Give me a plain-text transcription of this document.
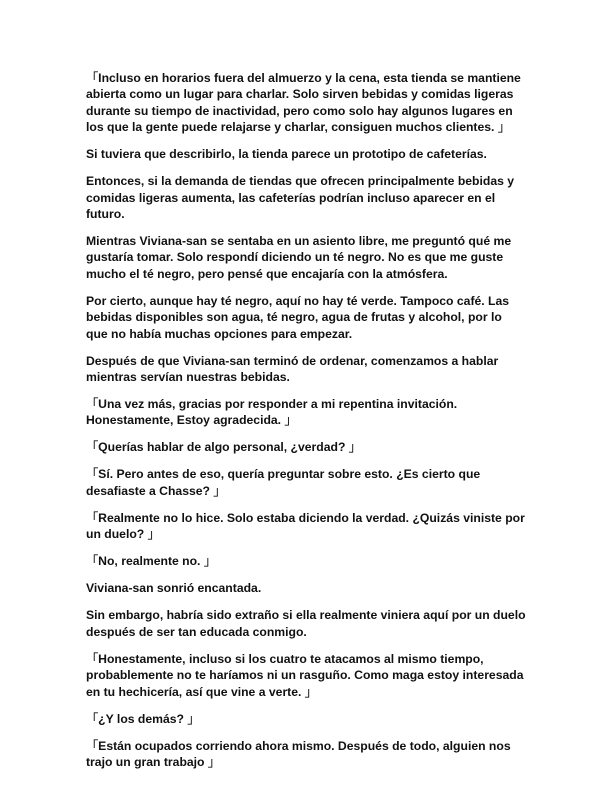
「Incluso en horarios fuera del almuerzo y la cena, esta tienda se mantiene abierta como un lugar para charlar. Solo sirven bebidas y comidas ligeras durante su tiempo de inactividad, pero como solo hay algunos lugares en los que la gente puede relajarse y charlar, consiguen muchos clientes. 」

Si tuviera que describirlo, la tienda parece un prototipo de cafeterías.

Entonces, si la demanda de tiendas que ofrecen principalmente bebidas y comidas ligeras aumenta, las cafeterías podrían incluso aparecer en el futuro.

Mientras Viviana-san se sentaba en un asiento libre, me preguntó qué me gustaría tomar. Solo respondí diciendo un té negro. No es que me guste mucho el té negro, pero pensé que encajaría con la atmósfera.

Por cierto, aunque hay té negro, aquí no hay té verde. Tampoco café. Las bebidas disponibles son agua, té negro, agua de frutas y alcohol, por lo que no había muchas opciones para empezar.

Después de que Viviana-san terminó de ordenar, comenzamos a hablar mientras servían nuestras bebidas.

「Una vez más, gracias por responder a mi repentina invitación. Honestamente, Estoy agradecida. 」

「Querías hablar de algo personal, ¿verdad? 」

「Sí. Pero antes de eso, quería preguntar sobre esto. ¿Es cierto que desafiaste a Chasse? 」

「Realmente no lo hice. Solo estaba diciendo la verdad. ¿Quizás viniste por un duelo? 」

「No, realmente no. 」

Viviana-san sonrió encantada.

Sin embargo, habría sido extraño si ella realmente viniera aquí por un duelo después de ser tan educada conmigo.

「Honestamente, incluso si los cuatro te atacamos al mismo tiempo, probablemente no te haríamos ni un rasguño. Como maga estoy interesada en tu hechicería, así que vine a verte. 」

「¿Y los demás? 」

「Están ocupados corriendo ahora mismo. Después de todo, alguien nos trajo un gran trabajo 」
